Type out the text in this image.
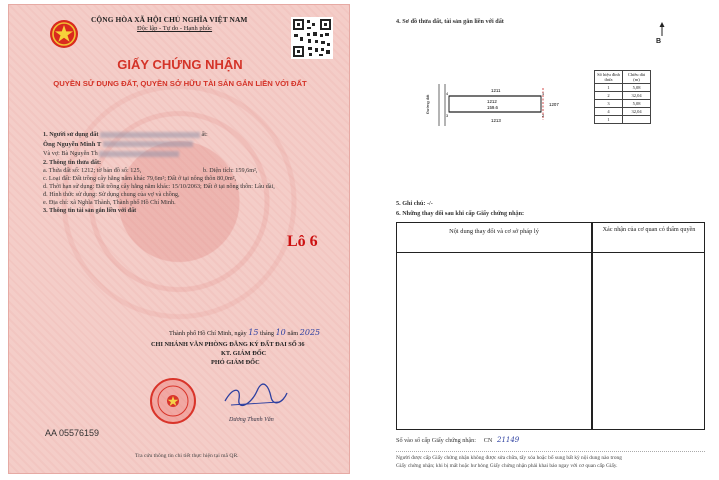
CỘNG HÒA XÃ HỘI CHỦ NGHĨA VIỆT NAM
Độc lập - Tự do - Hạnh phúc
GIẤY CHỨNG NHẬN
QUYỀN SỬ DỤNG ĐẤT, QUYỀN SỞ HỮU TÀI SẢN GẮN LIỀN VỚI ĐẤT
1. Người sử dụng đất	ất:
Ông Nguyễn Minh T
Và vợ: Bà Nguyễn Th
2. Thông tin thửa đất:
a. Thửa đất số: 1212; tờ bản đồ số: 125,	b. Diện tích: 159,6m²,
c. Loại đất: Đất trồng cây hằng năm khác 79,6m²; Đất ở tại nông thôn 80,0m²,
d. Thời hạn sử dụng: Đất trồng cây hằng năm khác: 15/10/2063; Đất ở tại nông thôn: Lâu dài,
đ. Hình thức sử dụng: Sử dụng chung của vợ và chồng,
e. Địa chỉ: xã Nghĩa Thành, Thành phố Hồ Chí Minh.
3. Thông tin tài sản gắn liền với đất
Lô 6
Thành phố Hồ Chí Minh, ngày 15 tháng 10 năm 2025
CHI NHÁNH VĂN PHÒNG ĐĂNG KÝ ĐẤT ĐAI SỐ 36
KT. GIÁM ĐỐC
PHÓ GIÁM ĐỐC
Dương Thanh Văn
AA 05576159
Tra cứu thông tin chi tiết thực hiện tại mã QR.
4. Sơ đồ thửa đất, tài sản gắn liền với đất
B
Đường đất
1211
1212
159.6
1207
1213
4	1
3	2
Số hiệu đỉnh thửa	Chiều dài (m)
1	5,08
2	32,04
3	5,08
4	32,04
1	
5. Ghi chú: -/-
6. Những thay đổi sau khi cấp Giấy chứng nhận:
Nội dung thay đổi và cơ sở pháp lý	Xác nhận của cơ quan có thẩm quyền
Số vào sổ cấp Giấy chứng nhận: CN 21149
Người được cấp Giấy chứng nhận không được sửa chữa, tẩy xóa hoặc bổ sung bất kỳ nội dung nào trong
Giấy chứng nhận; khi bị mất hoặc hư hỏng Giấy chứng nhận phải khai báo ngay với cơ quan cấp Giấy.
